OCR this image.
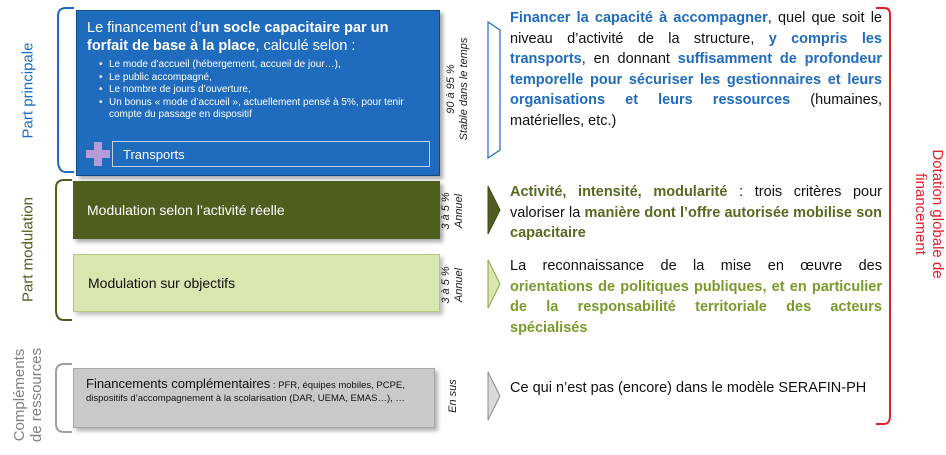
Part principale
Part modulation
Compléments de ressources
Le financement d’un socle capacitaire par un forfait de base à la place, calculé selon :
• Le mode d’accueil (hébergement, accueil de jour…),
• Le public accompagné,
• Le nombre de jours d’ouverture,
• Un bonus « mode d’accueil », actuellement pensé à 5%, pour tenir compte du passage en dispositif
Transports
90 à 95 % Stable dans le temps
3 à 5 % Annuel
3 à 5 % Annuel
En sus
Modulation selon l’activité réelle
Modulation sur objectifs
Financements complémentaires : PFR, équipes mobiles, PCPE, dispositifs d’accompagnement à la scolarisation (DAR, UEMA, EMAS…), …
Financer la capacité à accompagner, quel que soit le niveau d’activité de la structure, y compris les transports, en donnant suffisamment de profondeur temporelle pour sécuriser les gestionnaires et leurs organisations et leurs ressources (humaines, matérielles, etc.)
Activité, intensité, modularité : trois critères pour valoriser la manière dont l’offre autorisée mobilise son capacitaire
La reconnaissance de la mise en œuvre des orientations de politiques publiques, et en particulier de la responsabilité territoriale des acteurs spécialisés
Ce qui n’est pas (encore) dans le modèle SERAFIN-PH
Dotation globale de
financement
